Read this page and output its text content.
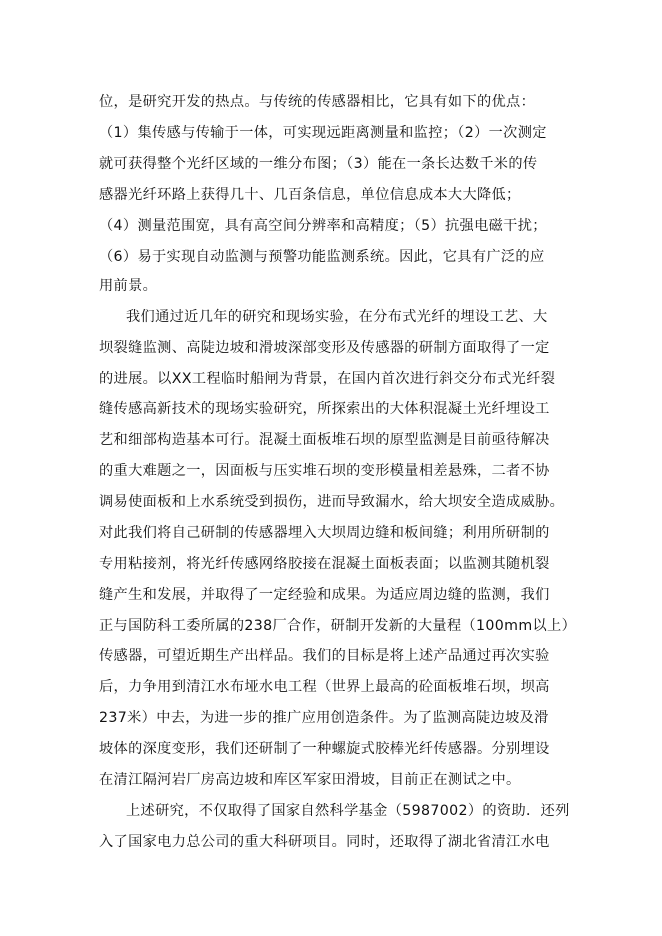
位，是研究开发的热点。与传统的传感器相比，它具有如下的优点：
（1）集传感与传输于一体，可实现远距离测量和监控；（2）一次测定
就可获得整个光纤区域的一维分布图；（3）能在一条长达数千米的传
感器光纤环路上获得几十、几百条信息，单位信息成本大大降低；
（4）测量范围宽，具有高空间分辨率和高精度；（5）抗强电磁干扰；
（6）易于实现自动监测与预警功能监测系统。因此，它具有广泛的应
用前景。
我们通过近几年的研究和现场实验，在分布式光纤的埋设工艺、大
坝裂缝监测、高陡边坡和滑坡深部变形及传感器的研制方面取得了一定
的进展。以XX工程临时船闸为背景，在国内首次进行斜交分布式光纤裂
缝传感高新技术的现场实验研究，所探索出的大体积混凝土光纤埋设工
艺和细部构造基本可行。混凝土面板堆石坝的原型监测是目前亟待解决
的重大难题之一，因面板与压实堆石坝的变形模量相差悬殊，二者不协
调易使面板和上水系统受到损伤，进而导致漏水，给大坝安全造成威胁。
对此我们将自己研制的传感器埋入大坝周边缝和板间缝；利用所研制的
专用粘接剂，将光纤传感网络胶接在混凝土面板表面；以监测其随机裂
缝产生和发展，并取得了一定经验和成果。为适应周边缝的监测，我们
正与国防科工委所属的238厂合作，研制开发新的大量程（100mm以上）
传感器，可望近期生产出样品。我们的目标是将上述产品通过再次实验
后，力争用到清江水布垭水电工程（世界上最高的砼面板堆石坝，坝高
237米）中去，为进一步的推广应用创造条件。为了监测高陡边坡及滑
坡体的深度变形，我们还研制了一种螺旋式胶棒光纤传感器。分别埋设
在清江隔河岩厂房高边坡和库区军家田滑坡，目前正在测试之中。
上述研究，不仅取得了国家自然科学基金（5987002）的资助．还列
入了国家电力总公司的重大科研项目。同时，还取得了湖北省清江水电
